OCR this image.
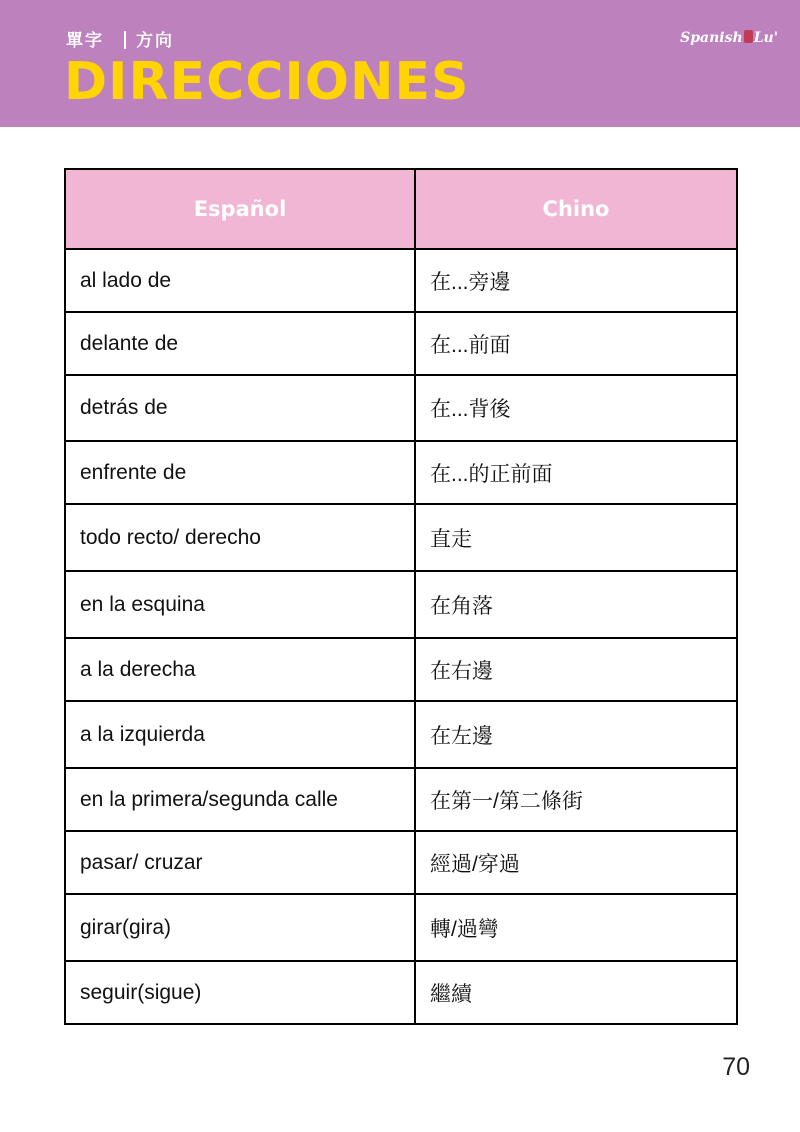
單字 方向
DIRECCIONES
Spanish Lu'
Español	Chino
al lado de	在...旁邊
delante de	在...前面
detrás de	在...背後
enfrente de	在...的正前面
todo recto/ derecho	直走
en la esquina	在角落
a la derecha	在右邊
a la izquierda	在左邊
en la primera/segunda calle	在第一/第二條街
pasar/ cruzar	經過/穿過
girar(gira)	轉/過彎
seguir(sigue)	繼續
70
